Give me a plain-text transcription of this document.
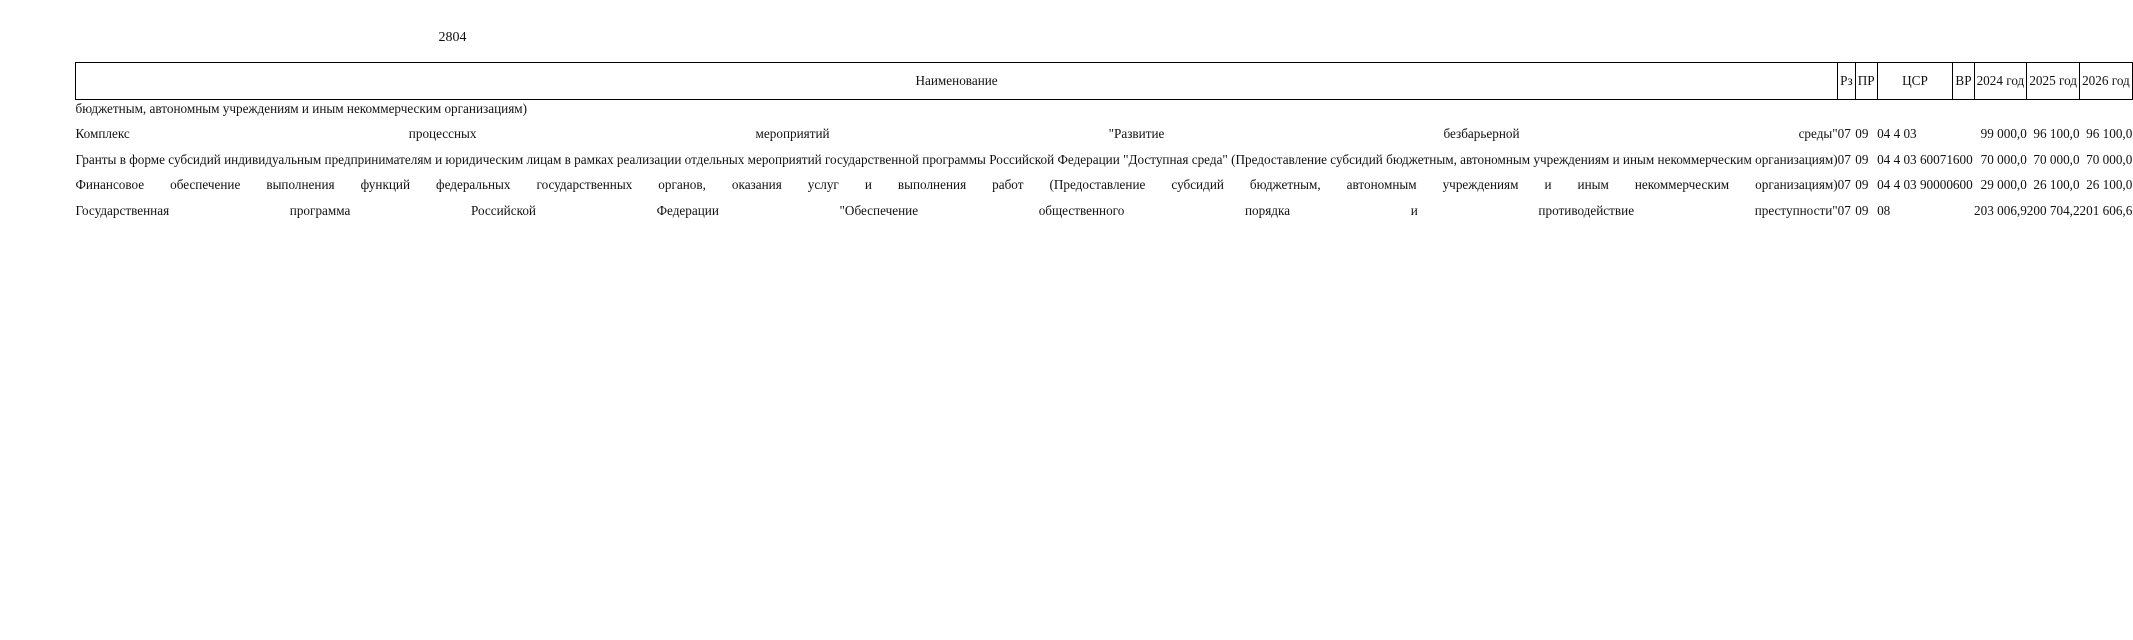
2804
Наименование	Рз	ПР	ЦСР	ВР	2024 год	2025 год	2026 год
бюджетным, автономным учреждениям и иным некоммерческим организациям)							

Комплекс процессных мероприятий "Развитие безбарьерной среды"	07	09	04 4 03		99 000,0	96 100,0	96 100,0

Гранты в форме субсидий индивидуальным предпринимателям и юридическим лицам в рамках реализации отдельных мероприятий государственной программы Российской Федерации "Доступная среда" (Предоставление субсидий бюджетным, автономным учреждениям и иным некоммерческим организациям)	07	09	04 4 03 60071	600	70 000,0	70 000,0	70 000,0

Финансовое обеспечение выполнения функций федеральных государственных органов, оказания услуг и выполнения работ (Предоставление субсидий бюджетным, автономным учреждениям и иным некоммерческим организациям)	07	09	04 4 03 90000	600	29 000,0	26 100,0	26 100,0

Государственная программа Российской Федерации "Обеспечение общественного порядка и противодействие преступности"	07	09	08		203 006,9	200 704,2	201 606,6
